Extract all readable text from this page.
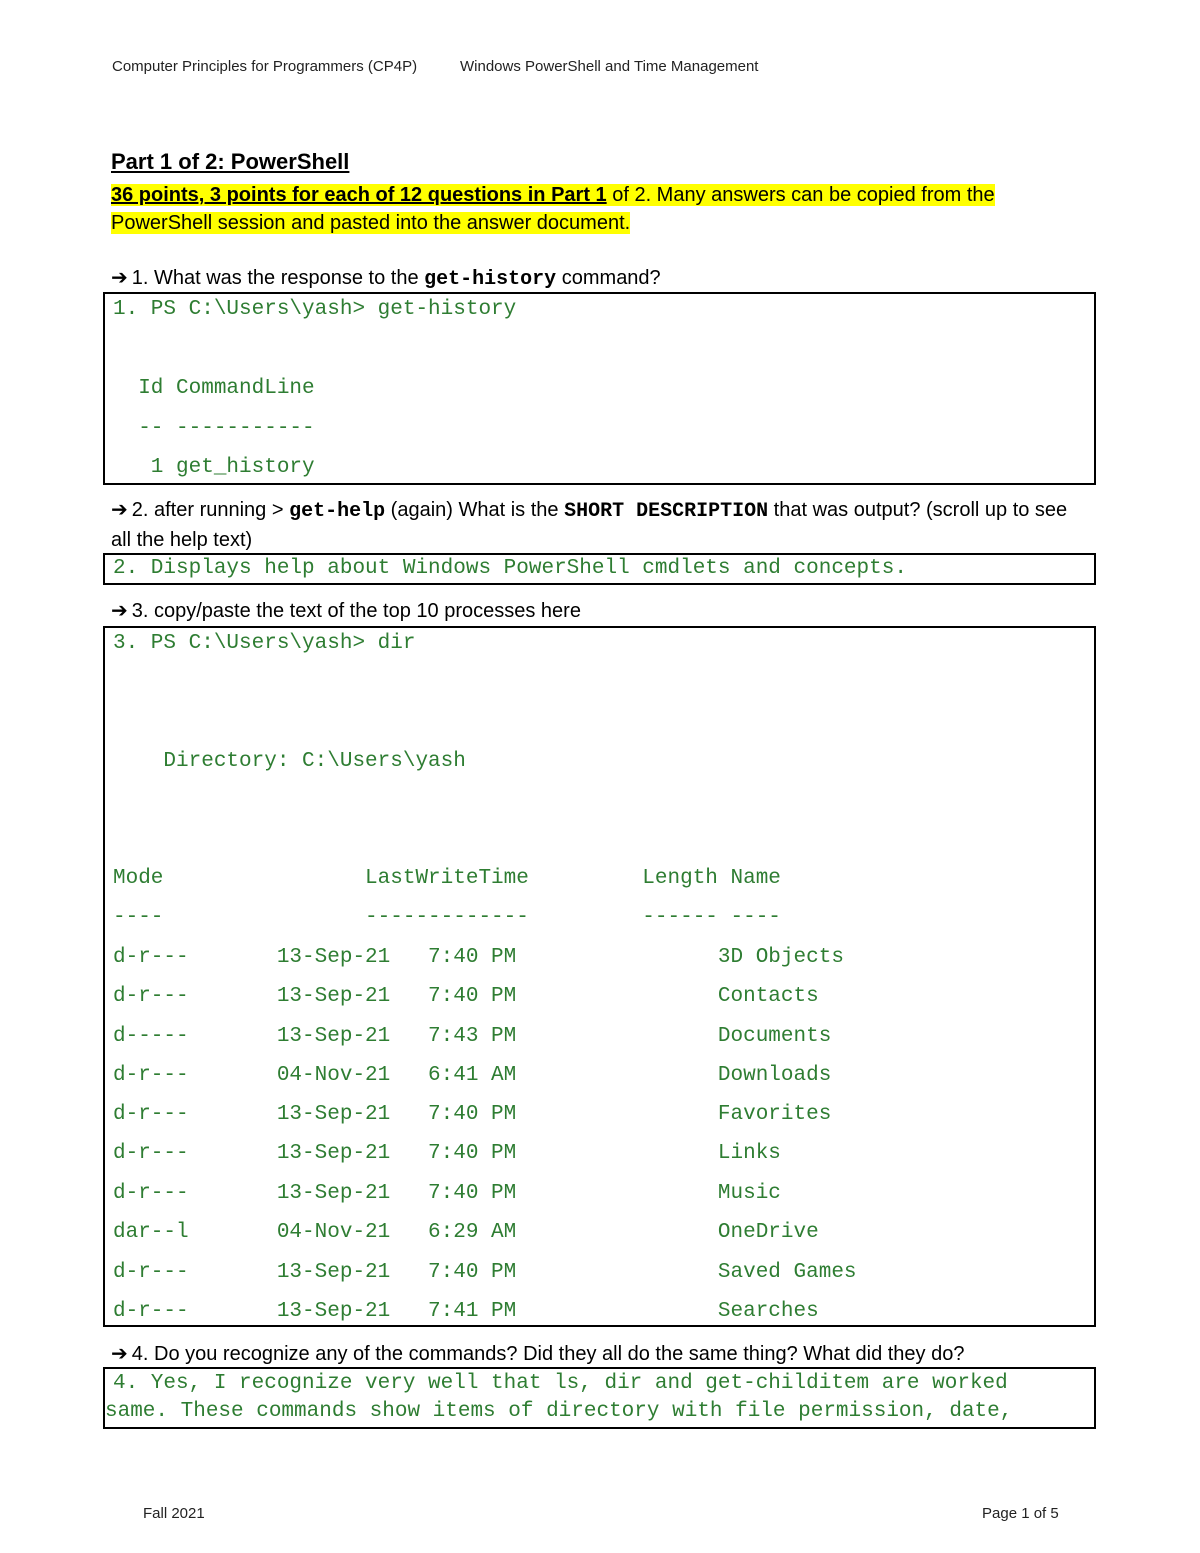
Computer Principles for Programmers (CP4P)	Windows PowerShell and Time Management
Part 1 of 2: PowerShell
36 points, 3 points for each of 12 questions in Part 1 of 2. Many answers can be copied from the PowerShell session and pasted into the answer document.
➔ 1. What was the response to the get-history command?
1. PS C:\Users\yash> get-history
Id CommandLine
-- -----------
1 get_history
➔ 2. after running > get-help (again) What is the SHORT DESCRIPTION that was output? (scroll up to see all the help text)
2. Displays help about Windows PowerShell cmdlets and concepts.
➔ 3. copy/paste the text of the top 10 processes here
3. PS C:\Users\yash> dir
Directory: C:\Users\yash
Mode                LastWriteTime         Length Name
----                -------------         ------ ----
d-r---       13-Sep-21   7:40 PM                3D Objects
d-r---       13-Sep-21   7:40 PM                Contacts
d-----       13-Sep-21   7:43 PM                Documents
d-r---       04-Nov-21   6:41 AM                Downloads
d-r---       13-Sep-21   7:40 PM                Favorites
d-r---       13-Sep-21   7:40 PM                Links
d-r---       13-Sep-21   7:40 PM                Music
dar--l       04-Nov-21   6:29 AM                OneDrive
d-r---       13-Sep-21   7:40 PM                Saved Games
d-r---       13-Sep-21   7:41 PM                Searches
➔ 4. Do you recognize any of the commands? Did they all do the same thing? What did they do?
4. Yes, I recognize very well that ls, dir and get-childitem are worked
same. These commands show items of directory with file permission, date,
Fall 2021	Page 1 of 5
